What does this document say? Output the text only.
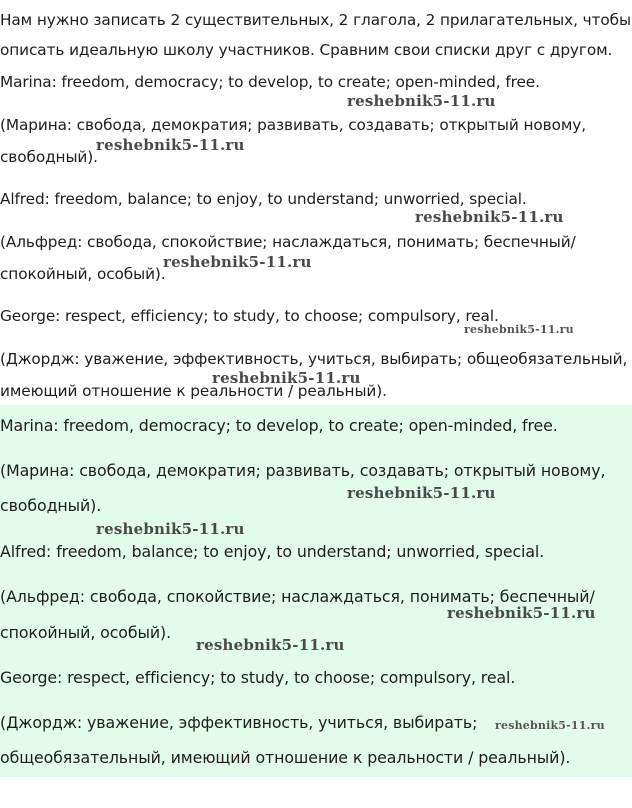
Нам нужно записать 2 существительных, 2 глагола, 2 прилагательных, чтобы
описать идеальную школу участников. Сравним свои списки друг с другом.
Marina: freedom, democracy; to develop, to create; open-minded, free.
(Марина: свобода, демократия; развивать, создавать; открытый новому,
свободный).
Alfred: freedom, balance; to enjoy, to understand; unworried, special.
(Альфред: свобода, спокойствие; наслаждаться, понимать; беспечный/
спокойный, особый).
George: respect, efficiency; to study, to choose; compulsory, real.
(Джордж: уважение, эффективность, учиться, выбирать; общеобязательный,
имеющий отношение к реальности / реальный).
Marina: freedom, democracy; to develop, to create; open-minded, free.
(Марина: свобода, демократия; развивать, создавать; открытый новому,
свободный).
Alfred: freedom, balance; to enjoy, to understand; unworried, special.
(Альфред: свобода, спокойствие; наслаждаться, понимать; беспечный/
спокойный, особый).
George: respect, efficiency; to study, to choose; compulsory, real.
(Джордж: уважение, эффективность, учиться, выбирать;
общеобязательный, имеющий отношение к реальности / реальный).
reshebnik5-11.ru
reshebnik5-11.ru
reshebnik5-11.ru
reshebnik5-11.ru
reshebnik5-11.ru
reshebnik5-11.ru
reshebnik5-11.ru
reshebnik5-11.ru
reshebnik5-11.ru
reshebnik5-11.ru
reshebnik5-11.ru
